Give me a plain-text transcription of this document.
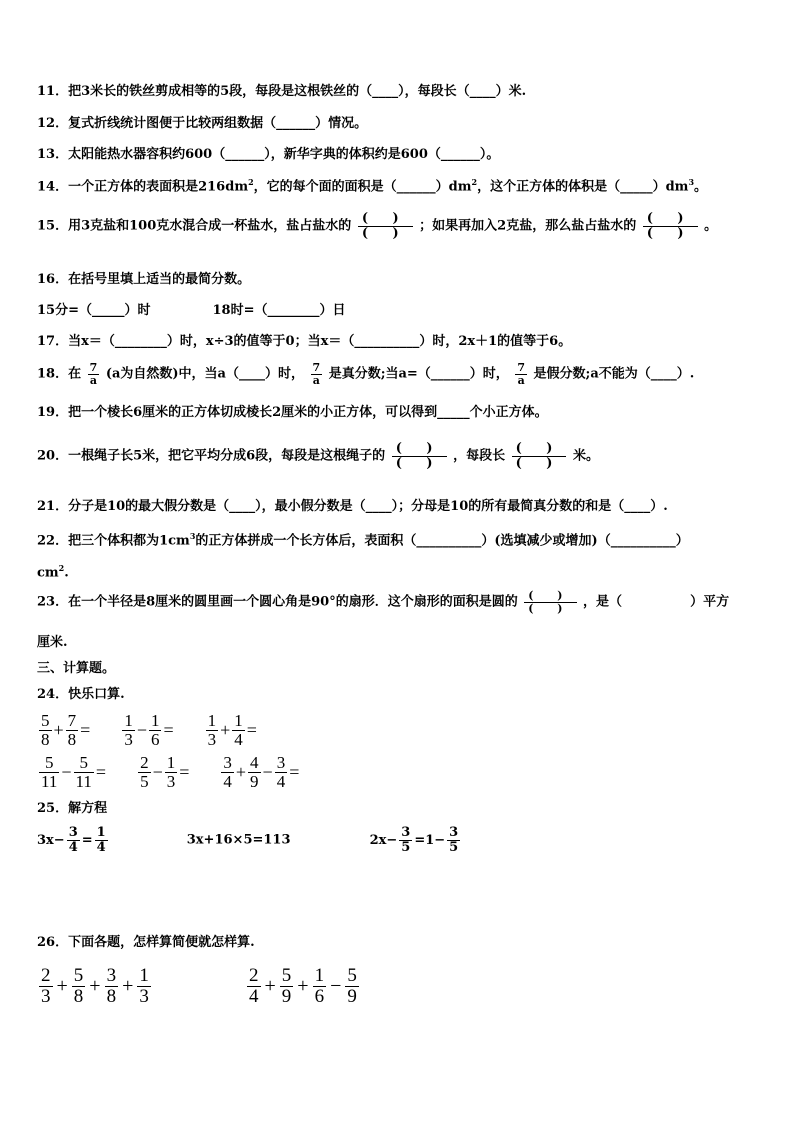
11．把3米长的铁丝剪成相等的5段，每段是这根铁丝的（____），每段长（____）米.
12．复式折线统计图便于比较两组数据（______）情况。
13．太阳能热水器容积约600（______），新华字典的体积约是600（______）。
14．一个正方体的表面积是$216dm^2$，它的每个面的面积是$(\_\_\_\_\_\_)dm^2$，这个正方体的体积是$(\_\_\_\_\_)dm^3$。
15．用3克盐和100克水混合成一杯盐水，盐占盐水的 $\frac{( )}{( )}$ ；如果再加入2克盐，那么盐占盐水的 $\frac{( )}{( )}$ 。
16．在括号里填上适当的最简分数。
15分=（_____）时	18时=（________）日
17．当x＝（________）时，x÷3的值等于0；当x＝（__________）时，2x＋1的值等于6。
18．在 $\frac{7}{a} (a$为自然数)中，当a（____）时， $\frac{7}{a}$ 是真分数;当a=（______）时， $\frac{7}{a}$ 是假分数;a不能为（____）.
19．把一个棱长6厘米的正方体切成棱长2厘米的小正方体，可以得到_____个小正方体。
20．一根绳子长5米，把它平均分成6段，每段是这根绳子的 $\frac{( )}{( )}$ ，每段长 $\frac{( )}{( )}$ 米。
21．分子是10的最大假分数是（____），最小假分数是（____）；分母是10的所有最简真分数的和是（____）.
22．把三个体积都为$1cm^3$的正方体拼成一个长方体后，表面积（__________）(选填减少或增加)（__________）
$cm^2$.
23．在一个半径是8厘米的圆里画一个圆心角是90°的扇形．这个扇形的面积是圆的 $\frac{( )}{( )}$ ，是（	）平方
厘米.
三、计算题。
24．快乐口算.
$\frac{5}{8} + \frac{7}{8} = \frac{1}{3} - \frac{1}{6} = \frac{1}{3} + \frac{1}{4}$ =
$\frac{5}{11} - \frac{5}{11} = \frac{2}{5} - \frac{1}{3} = \frac{3}{4} + \frac{4}{9} - \frac{3}{4}$ =
25．解方程
$3x- \frac{3}{4} = \frac{1}{4}$	3x+16×5=113	$2x- \frac{3}{5} =1- \frac{3}{5}$
26．下面各题，怎样算简便就怎样算.
$\frac{2}{3} + \frac{5}{8} + \frac{3}{8} + \frac{1}{3}$	$\frac{2}{4} + \frac{5}{9} + \frac{1}{6} - \frac{5}{9}$
